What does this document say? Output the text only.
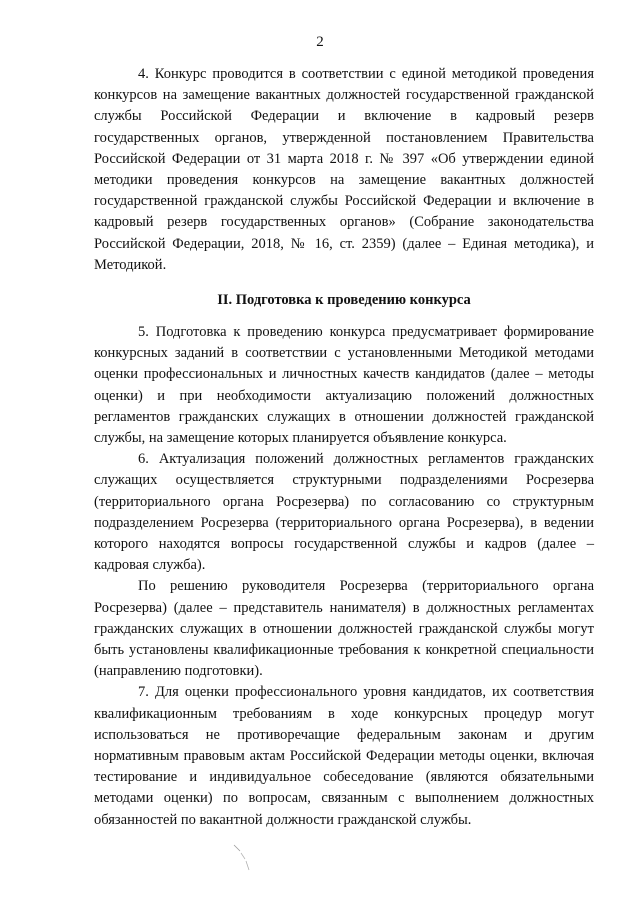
2

4. Конкурс проводится в соответствии с единой методикой проведения конкурсов на замещение вакантных должностей государственной гражданской службы Российской Федерации и включение в кадровый резерв государственных органов, утвержденной постановлением Правительства Российской Федерации от 31 марта 2018 г. № 397 «Об утверждении единой методики проведения конкурсов на замещение вакантных должностей государственной гражданской службы Российской Федерации и включение в кадровый резерв государственных органов» (Собрание законодательства Российской Федерации, 2018, № 16, ст. 2359) (далее – Единая методика), и Методикой.

II. Подготовка к проведению конкурса

5. Подготовка к проведению конкурса предусматривает формирование конкурсных заданий в соответствии с установленными Методикой методами оценки профессиональных и личностных качеств кандидатов (далее – методы оценки) и при необходимости актуализацию положений должностных регламентов гражданских служащих в отношении должностей гражданской службы, на замещение которых планируется объявление конкурса.

6. Актуализация положений должностных регламентов гражданских служащих осуществляется структурными подразделениями Росрезерва (территориального органа Росрезерва) по согласованию со структурным подразделением Росрезерва (территориального органа Росрезерва), в ведении которого находятся вопросы государственной службы и кадров (далее – кадровая служба).

По решению руководителя Росрезерва (территориального органа Росрезерва) (далее – представитель нанимателя) в должностных регламентах гражданских служащих в отношении должностей гражданской службы могут быть установлены квалификационные требования к конкретной специальности (направлению подготовки).

7. Для оценки профессионального уровня кандидатов, их соответствия квалификационным требованиям в ходе конкурсных процедур могут использоваться не противоречащие федеральным законам и другим нормативным правовым актам Российской Федерации методы оценки, включая тестирование и индивидуальное собеседование (являются обязательными методами оценки) по вопросам, связанным с выполнением должностных обязанностей по вакантной должности гражданской службы.
